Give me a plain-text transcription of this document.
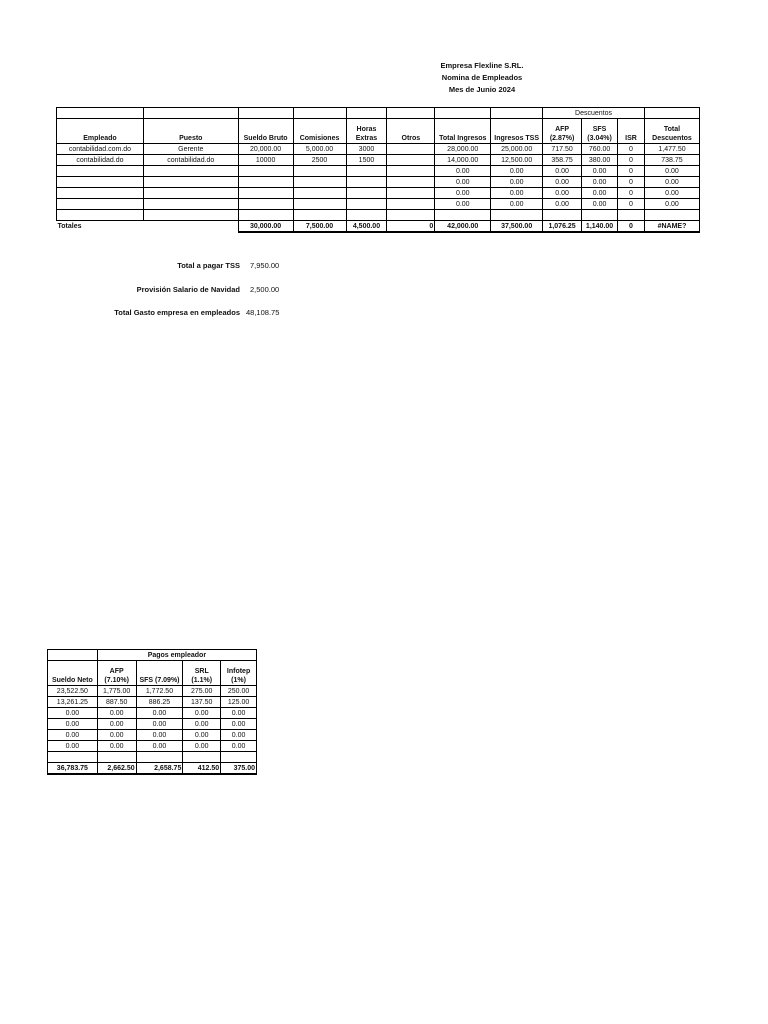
Empresa Flexline S.RL.
Nomina de Empleados
Mes de Junio 2024
								Descuentos			
Empleado	Puesto	Sueldo Bruto	Comisiones	Horas Extras	Otros	Total Ingresos	Ingresos TSS	AFP (2.87%)	SFS (3.04%)	ISR	Total Descuentos
contabilidad.com.do	Gerente	20,000.00	5,000.00	3000		28,000.00	25,000.00	717.50	760.00	0	1,477.50
contabilidad.do	contabilidad.do	10000	2500	1500		14,000.00	12,500.00	358.75	380.00	0	738.75
						0.00	0.00	0.00	0.00	0	0.00
						0.00	0.00	0.00	0.00	0	0.00
						0.00	0.00	0.00	0.00	0	0.00
						0.00	0.00	0.00	0.00	0	0.00

Totales		30,000.00	7,500.00	4,500.00	0	42,000.00	37,500.00	1,076.25	1,140.00	0	#NAME?
Total a pagar TSS 7,950.00
Provisión Salario de Navidad 2,500.00
Total Gasto empresa en empleados 48,108.75
	Pagos empleador			
Sueldo Neto	AFP (7.10%)	SFS (7.09%)	SRL (1.1%)	Infotep (1%)
23,522.50	1,775.00	1,772.50	275.00	250.00
13,261.25	887.50	886.25	137.50	125.00
0.00	0.00	0.00	0.00	0.00
0.00	0.00	0.00	0.00	0.00
0.00	0.00	0.00	0.00	0.00
0.00	0.00	0.00	0.00	0.00

36,783.75	2,662.50	2,658.75	412.50	375.00
